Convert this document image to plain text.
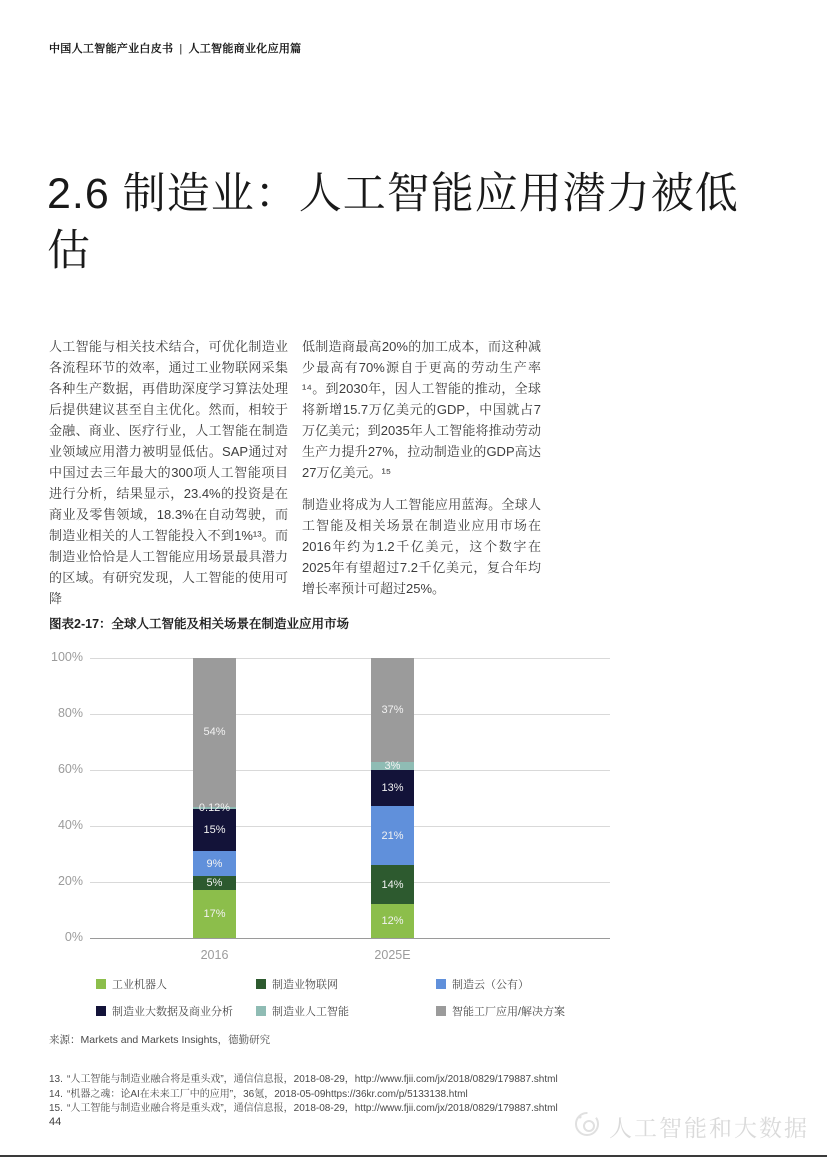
中国人工智能产业白皮书 | 人工智能商业化应用篇
2.6 制造业：人工智能应用潜力被低估

人工智能与相关技术结合，可优化制造业各流程环节的效率，通过工业物联网采集各种生产数据，再借助深度学习算法处理后提供建议甚至自主优化。然而，相较于金融、商业、医疗行业，人工智能在制造业领域应用潜力被明显低估。SAP通过对中国过去三年最大的300项人工智能项目进行分析，结果显示，23.4%的投资是在商业及零售领域，18.3%在自动驾驶，而制造业相关的人工智能投入不到1%¹³。而制造业恰恰是人工智能应用场景最具潜力的区域。有研究发现，人工智能的使用可降

低制造商最高20%的加工成本，而这种减少最高有70%源自于更高的劳动生产率¹⁴。到2030年，因人工智能的推动，全球将新增15.7万亿美元的GDP，中国就占7万亿美元；到2035年人工智能将推动劳动生产力提升27%，拉动制造业的GDP高达27万亿美元。¹⁵

制造业将成为人工智能应用蓝海。全球人工智能及相关场景在制造业应用市场在2016年约为1.2千亿美元，这个数字在2025年有望超过7.2千亿美元，复合年均增长率预计可超过25%。

图表2-17：全球人工智能及相关场景在制造业应用市场
0%
20%
40%
60%
80%
100%
54%
0.12%
15%
9%
5%
17%
2016
37%
3%
13%
21%
14%
12%
2025E
工业机器人	制造业物联网	制造云（公有）
制造业大数据及商业分析	制造业人工智能	智能工厂应用/解决方案
来源：Markets and Markets Insights，德勤研究
13. “人工智能与制造业融合将是重头戏”，通信信息报，2018-08-29，http://www.fjii.com/jx/2018/0829/179887.shtml
14. “机器之魂：论AI在未来工厂中的应用”，36氪，2018-05-09https://36kr.com/p/5133138.html
15. “人工智能与制造业融合将是重头戏”，通信信息报，2018-08-29，http://www.fjii.com/jx/2018/0829/179887.shtml
44	人工智能和大数据
